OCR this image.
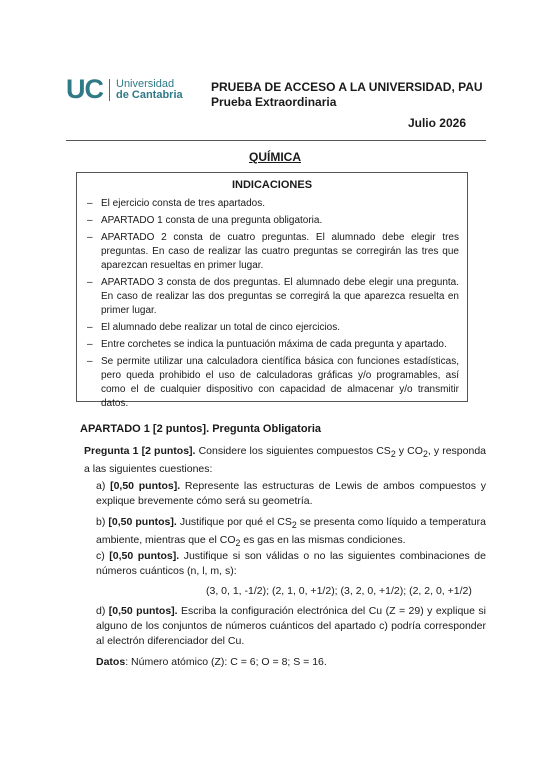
UC Universidad
de Cantabria
PRUEBA DE ACCESO A LA UNIVERSIDAD, PAU
Prueba Extraordinaria
Julio 2026
QUÍMICA
INDICACIONES
– El ejercicio consta de tres apartados.
– APARTADO 1 consta de una pregunta obligatoria.
– APARTADO 2 consta de cuatro preguntas. El alumnado debe elegir tres preguntas. En caso de realizar las cuatro preguntas se corregirán las tres que aparezcan resueltas en primer lugar.
– APARTADO 3 consta de dos preguntas. El alumnado debe elegir una pregunta. En caso de realizar las dos preguntas se corregirá la que aparezca resuelta en primer lugar.
– El alumnado debe realizar un total de cinco ejercicios.
– Entre corchetes se indica la puntuación máxima de cada pregunta y apartado.
– Se permite utilizar una calculadora científica básica con funciones estadísticas, pero queda prohibido el uso de calculadoras gráficas y/o programables, así como el de cualquier dispositivo con capacidad de almacenar y/o transmitir datos.
APARTADO 1 [2 puntos]. Pregunta Obligatoria
Pregunta 1 [2 puntos]. Considere los siguientes compuestos $CS_2$ y $CO_2$, y responda a las siguientes cuestiones:
a) [0,50 puntos]. Represente las estructuras de Lewis de ambos compuestos y explique brevemente cómo será su geometría.
b) [0,50 puntos]. Justifique por qué el $CS_2$ se presenta como líquido a temperatura ambiente, mientras que el $CO_2$ es gas en las mismas condiciones.
c) [0,50 puntos]. Justifique si son válidas o no las siguientes combinaciones de números cuánticos (n, l, m, s):
(3, 0, 1, -1/2); (2, 1, 0, +1/2); (3, 2, 0, +1/2); (2, 2, 0, +1/2)
d) [0,50 puntos]. Escriba la configuración electrónica del Cu (Z = 29) y explique si alguno de los conjuntos de números cuánticos del apartado c) podría corresponder al electrón diferenciador del Cu.
Datos: Número atómico (Z): C = 6; O = 8; S = 16.
